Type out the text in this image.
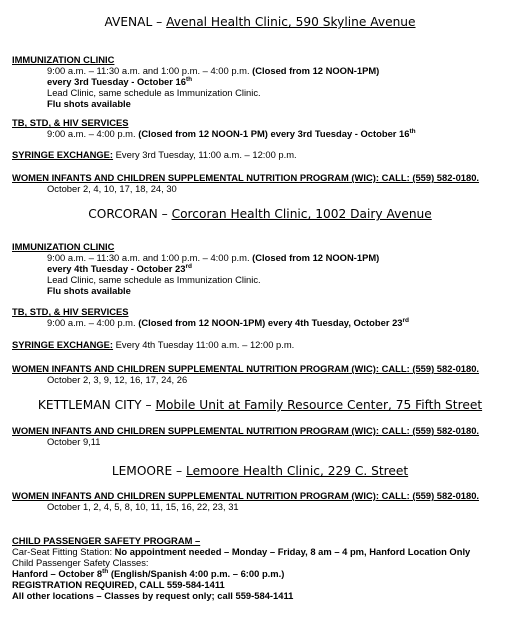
AVENAL – Avenal Health Clinic, 590 Skyline Avenue
IMMUNIZATION CLINIC
9:00 a.m. – 11:30 a.m. and 1:00 p.m. – 4:00 p.m. (Closed from 12 NOON-1PM)
every 3rd Tuesday - October 16th
Lead Clinic, same schedule as Immunization Clinic.
Flu shots available
TB, STD, & HIV SERVICES
9:00 a.m. – 4:00 p.m. (Closed from 12 NOON-1 PM) every 3rd Tuesday - October 16th
SYRINGE EXCHANGE: Every 3rd Tuesday, 11:00 a.m. – 12:00 p.m.
WOMEN INFANTS AND CHILDREN SUPPLEMENTAL NUTRITION PROGRAM (WIC): CALL: (559) 582-0180.
October 2, 4, 10, 17, 18, 24, 30
CORCORAN – Corcoran Health Clinic, 1002 Dairy Avenue
IMMUNIZATION CLINIC
9:00 a.m. – 11:30 a.m. and 1:00 p.m. – 4:00 p.m. (Closed from 12 NOON-1PM)
every 4th Tuesday - October 23rd
Lead Clinic, same schedule as Immunization Clinic.
Flu shots available
TB, STD, & HIV SERVICES
9:00 a.m. – 4:00 p.m. (Closed from 12 NOON-1PM) every 4th Tuesday, October 23rd
SYRINGE EXCHANGE: Every 4th Tuesday 11:00 a.m. – 12:00 p.m.
WOMEN INFANTS AND CHILDREN SUPPLEMENTAL NUTRITION PROGRAM (WIC): CALL: (559) 582-0180.
October 2, 3, 9, 12, 16, 17, 24, 26
KETTLEMAN CITY – Mobile Unit at Family Resource Center, 75 Fifth Street
WOMEN INFANTS AND CHILDREN SUPPLEMENTAL NUTRITION PROGRAM (WIC): CALL: (559) 582-0180.
October 9,11
LEMOORE – Lemoore Health Clinic, 229 C. Street
WOMEN INFANTS AND CHILDREN SUPPLEMENTAL NUTRITION PROGRAM (WIC): CALL: (559) 582-0180.
October 1, 2, 4, 5, 8, 10, 11, 15, 16, 22, 23, 31
CHILD PASSENGER SAFETY PROGRAM –
Car-Seat Fitting Station: No appointment needed – Monday – Friday, 8 am – 4 pm, Hanford Location Only
Child Passenger Safety Classes:
Hanford – October 8th (English/Spanish 4:00 p.m. – 6:00 p.m.)
REGISTRATION REQUIRED, CALL 559-584-1411
All other locations – Classes by request only; call 559-584-1411
